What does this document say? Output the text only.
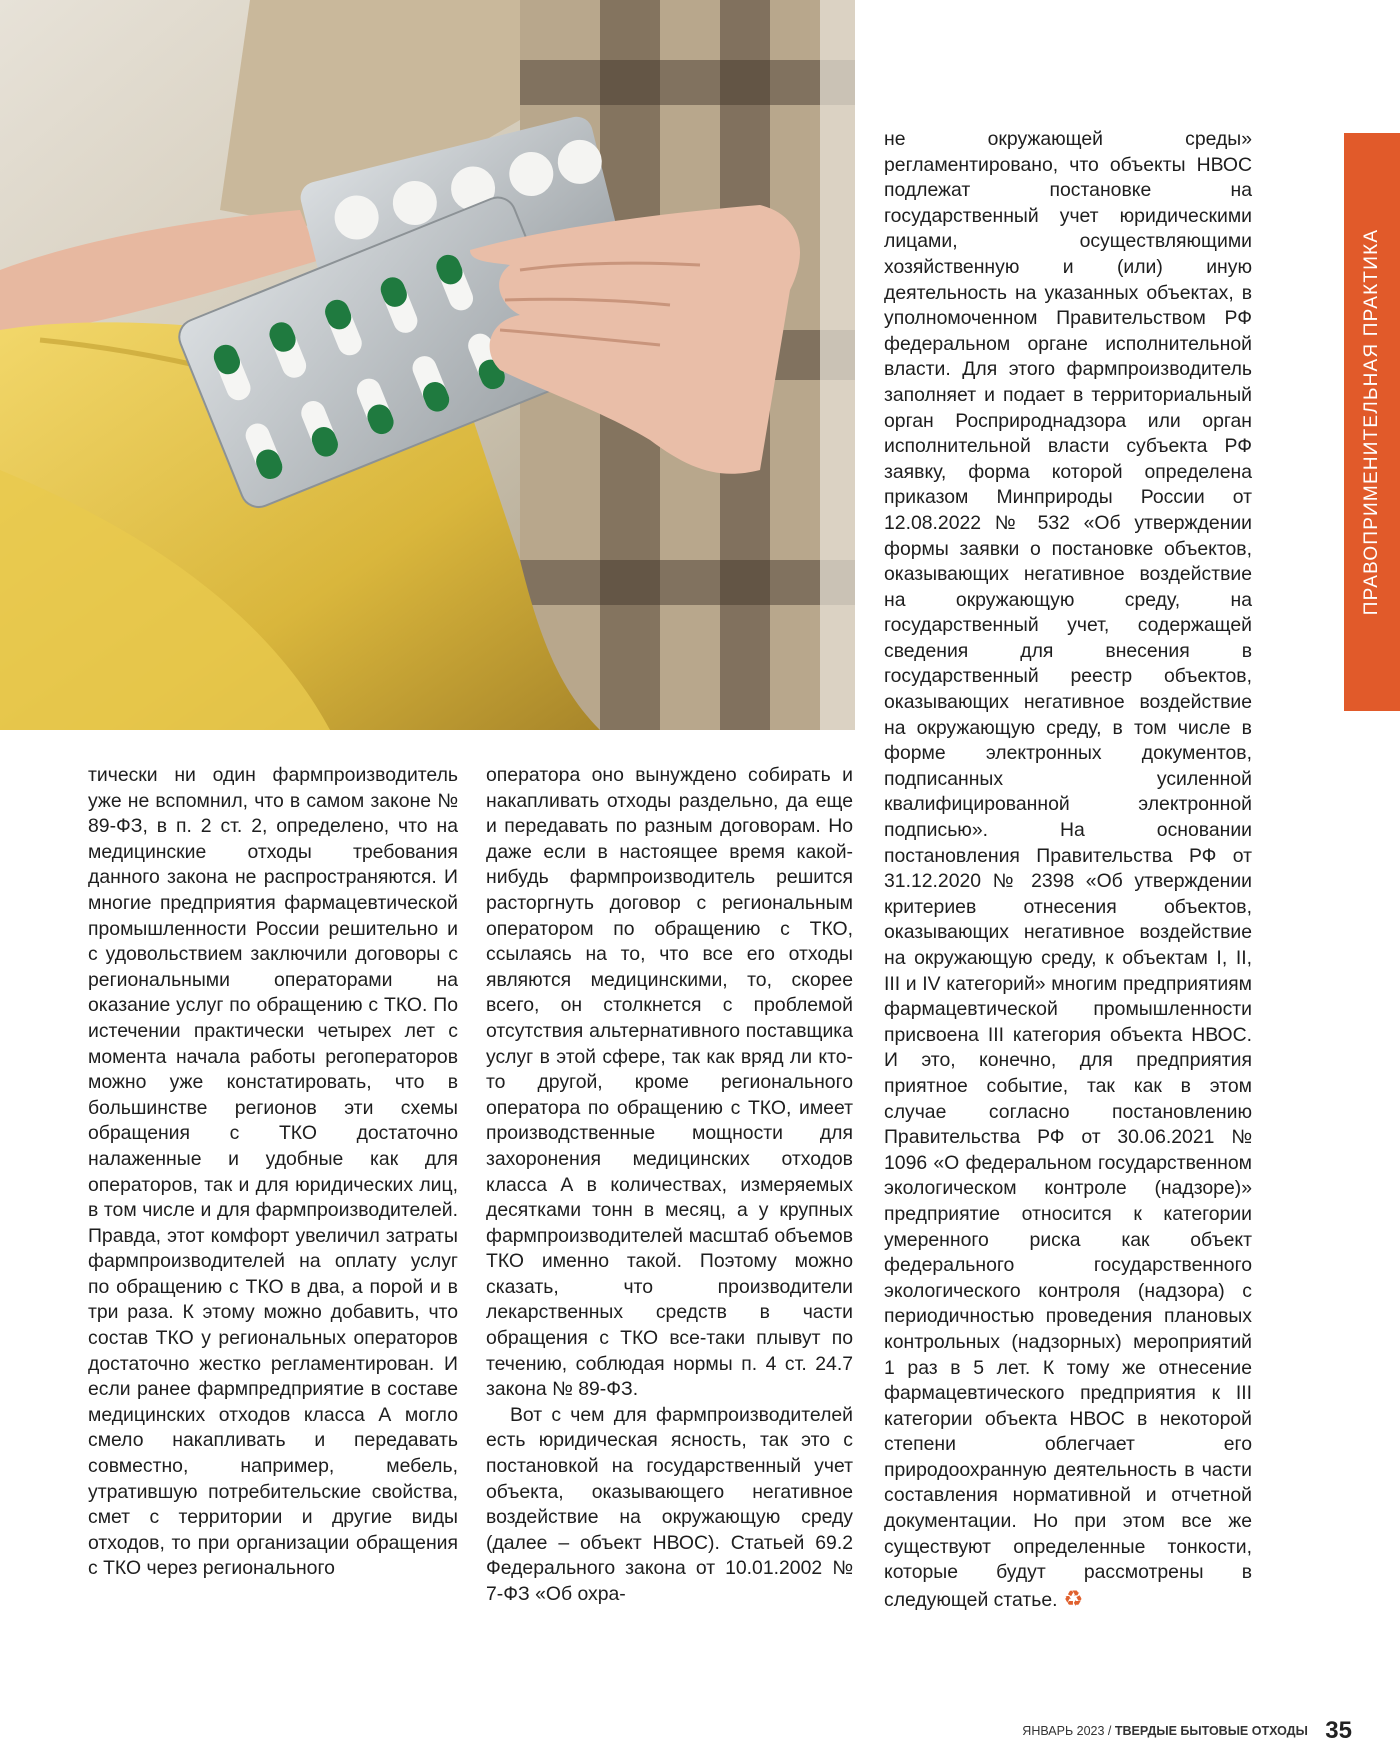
ПРАВОПРИМЕНИТЕЛЬНАЯ ПРАКТИКА

тически ни один фармпроизводитель уже не вспомнил, что в самом законе № 89-ФЗ, в п. 2 ст. 2, определено, что на медицинские отходы требования данного закона не распространяются. И многие предприятия фармацевтической промышленности России решительно и с удовольствием заключили договоры с региональными операторами на оказание услуг по обращению с ТКО. По истечении практически четырех лет с момента начала работы регоператоров можно уже констатировать, что в большинстве регионов эти схемы обращения с ТКО достаточно налаженные и удобные как для операторов, так и для юридических лиц, в том числе и для фармпроизводителей. Правда, этот комфорт увеличил затраты фармпроизводителей на оплату услуг по обращению с ТКО в два, а порой и в три раза. К этому можно добавить, что состав ТКО у региональных операторов достаточно жестко регламентирован. И если ранее фармпредприятие в составе медицинских отходов класса А могло смело накапливать и передавать совместно, например, мебель, утратившую потребительские свойства, смет с территории и другие виды отходов, то при организации обращения с ТКО через регионального

оператора оно вынуждено собирать и накапливать отходы раздельно, да еще и передавать по разным договорам. Но даже если в настоящее время какой-нибудь фармпроизводитель решится расторгнуть договор с региональным оператором по обращению с ТКО, ссылаясь на то, что все его отходы являются медицинскими, то, скорее всего, он столкнется с проблемой отсутствия альтернативного поставщика услуг в этой сфере, так как вряд ли кто-то другой, кроме регионального оператора по обращению с ТКО, имеет производственные мощности для захоронения медицинских отходов класса А в количествах, измеряемых десятками тонн в месяц, а у крупных фармпроизводителей масштаб объемов ТКО именно такой. Поэтому можно сказать, что производители лекарственных средств в части обращения с ТКО все-таки плывут по течению, соблюдая нормы п. 4 ст. 24.7 закона № 89-ФЗ.

Вот с чем для фармпроизводителей есть юридическая ясность, так это с постановкой на государственный учет объекта, оказывающего негативное воздействие на окружающую среду (далее – объект НВОС). Статьей 69.2 Федерального закона от 10.01.2002 № 7-ФЗ «Об охра-

не окружающей среды» регламентировано, что объекты НВОС подлежат постановке на государственный учет юридическими лицами, осуществляющими хозяйственную и (или) иную деятельность на указанных объектах, в уполномоченном Правительством РФ федеральном органе исполнительной власти. Для этого фармпроизводитель заполняет и подает в территориальный орган Росприроднадзора или орган исполнительной власти субъекта РФ заявку, форма которой определена приказом Минприроды России от 12.08.2022 № 532 «Об утверждении формы заявки о постановке объектов, оказывающих негативное воздействие на окружающую среду, на государственный учет, содержащей сведения для внесения в государственный реестр объектов, оказывающих негативное воздействие на окружающую среду, в том числе в форме электронных документов, подписанных усиленной квалифицированной электронной подписью». На основании постановления Правительства РФ от 31.12.2020 № 2398 «Об утверждении критериев отнесения объектов, оказывающих негативное воздействие на окружающую среду, к объектам I, II, III и IV категорий» многим предприятиям фармацевтической промышленности присвоена III категория объекта НВОС. И это, конечно, для предприятия приятное событие, так как в этом случае согласно постановлению Правительства РФ от 30.06.2021 № 1096 «О федеральном государственном экологическом контроле (надзоре)» предприятие относится к категории умеренного риска как объект федерального государственного экологического контроля (надзора) с периодичностью проведения плановых контрольных (надзорных) мероприятий 1 раз в 5 лет. К тому же отнесение фармацевтического предприятия к III категории объекта НВОС в некоторой степени облегчает его природоохранную деятельность в части составления нормативной и отчетной документации. Но при этом все же существуют определенные тонкости, которые будут рассмотрены в следующей статье. ♻

ЯНВАРЬ 2023 / ТВЕРДЫЕ БЫТОВЫЕ ОТХОДЫ 35
